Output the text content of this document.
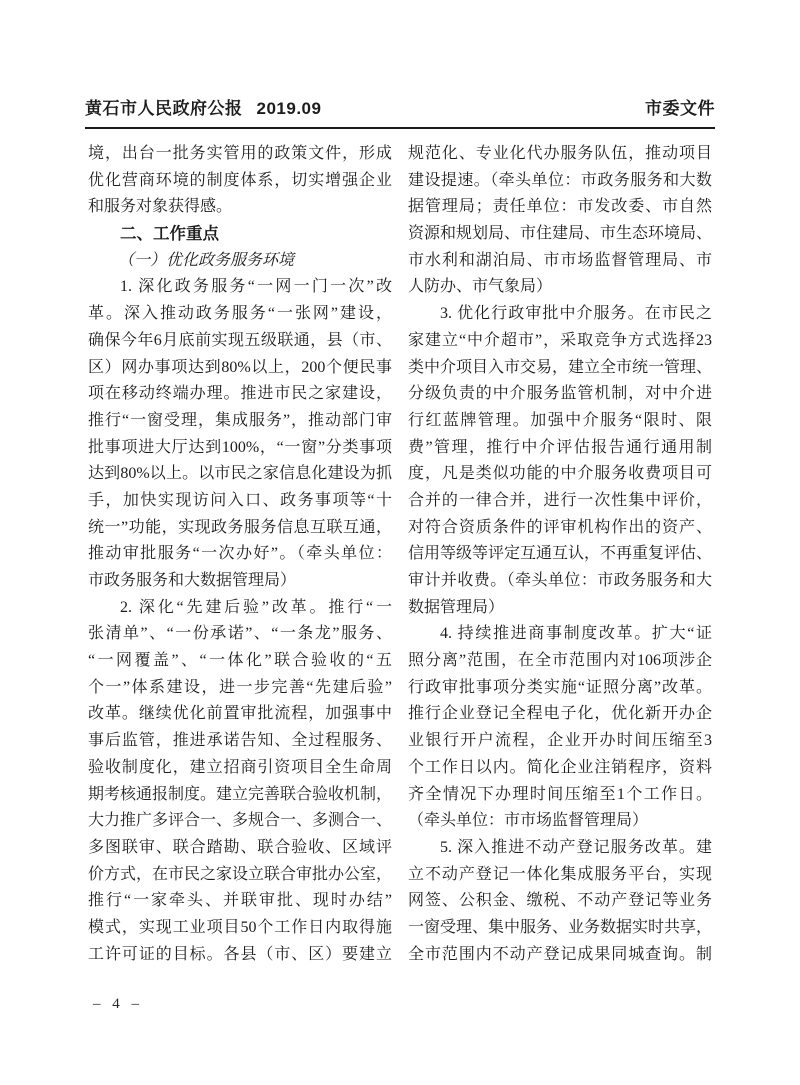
黄石市人民政府公报 2019.09	市委文件
境，出台一批务实管用的政策文件，形成
优化营商环境的制度体系，切实增强企业
和服务对象获得感。
二、工作重点
（一）优化政务服务环境
1. 深化政务服务“一网一门一次”改
革。深入推动政务服务“一张网”建设，
确保今年6月底前实现五级联通，县（市、
区）网办事项达到80%以上，200个便民事
项在移动终端办理。推进市民之家建设，
推行“一窗受理，集成服务”，推动部门审
批事项进大厅达到100%，“一窗”分类事项
达到80%以上。以市民之家信息化建设为抓
手，加快实现访问入口、政务事项等“十
统一”功能，实现政务服务信息互联互通，
推动审批服务“一次办好”。（牵头单位：
市政务服务和大数据管理局）
2. 深化“先建后验”改革。推行“一
张清单”、“一份承诺”、“一条龙”服务、
“一网覆盖”、“一体化”联合验收的“五
个一”体系建设，进一步完善“先建后验”
改革。继续优化前置审批流程，加强事中
事后监管，推进承诺告知、全过程服务、
验收制度化，建立招商引资项目全生命周
期考核通报制度。建立完善联合验收机制，
大力推广多评合一、多规合一、多测合一、
多图联审、联合踏勘、联合验收、区域评
价方式，在市民之家设立联合审批办公室，
推行“一家牵头、并联审批、现时办结”
模式，实现工业项目50个工作日内取得施
工许可证的目标。各县（市、区）要建立
规范化、专业化代办服务队伍，推动项目
建设提速。（牵头单位：市政务服务和大数
据管理局；责任单位：市发改委、市自然
资源和规划局、市住建局、市生态环境局、
市水利和湖泊局、市市场监督管理局、市
人防办、市气象局）
3. 优化行政审批中介服务。在市民之
家建立“中介超市”，采取竞争方式选择23
类中介项目入市交易，建立全市统一管理、
分级负责的中介服务监管机制，对中介进
行红蓝牌管理。加强中介服务“限时、限
费”管理，推行中介评估报告通行通用制
度，凡是类似功能的中介服务收费项目可
合并的一律合并，进行一次性集中评价，
对符合资质条件的评审机构作出的资产、
信用等级等评定互通互认，不再重复评估、
审计并收费。（牵头单位：市政务服务和大
数据管理局）
4. 持续推进商事制度改革。扩大“证
照分离”范围，在全市范围内对106项涉企
行政审批事项分类实施“证照分离”改革。
推行企业登记全程电子化，优化新开办企
业银行开户流程，企业开办时间压缩至3
个工作日以内。简化企业注销程序，资料
齐全情况下办理时间压缩至1个工作日。
（牵头单位：市市场监督管理局）
5. 深入推进不动产登记服务改革。建
立不动产登记一体化集成服务平台，实现
网签、公积金、缴税、不动产登记等业务
一窗受理、集中服务、业务数据实时共享，
全市范围内不动产登记成果同城查询。制
– 4 –
